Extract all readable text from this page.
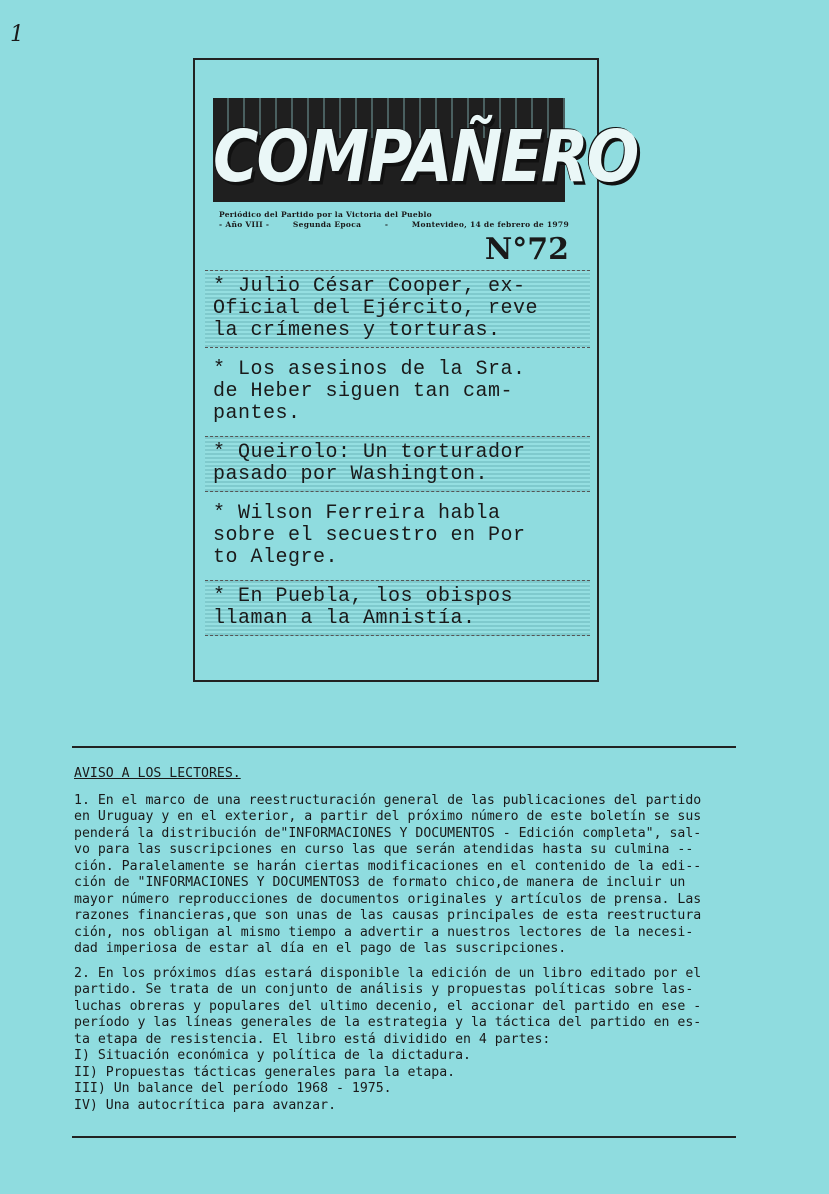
1
COMPAÑERO
Periódico del Partido por la Victoria del Pueblo
- Año VIII -	Segunda Epoca	-	Montevideo, 14 de febrero de 1979
N°72
* Julio César Cooper, ex-
Oficial del Ejército, reve
la crímenes y torturas.
* Los asesinos de la Sra.
de Heber siguen tan cam-
pantes.
* Queirolo: Un torturador
pasado por Washington.
* Wilson Ferreira habla
sobre el secuestro en Por
to Alegre.
* En Puebla, los obispos
llaman a la Amnistía.
AVISO A LOS LECTORES.
1. En el marco de una reestructuración general de las publicaciones del partido
en Uruguay y en el exterior, a partir del próximo número de este boletín se sus
penderá la distribución de"INFORMACIONES Y DOCUMENTOS - Edición completa", sal-
vo para las suscripciones en curso las que serán atendidas hasta su culmina --
ción. Paralelamente se harán ciertas modificaciones en el contenido de la edi--
ción de "INFORMACIONES Y DOCUMENTOS3 de formato chico,de manera de incluir un
mayor número reproducciones de documentos originales y artículos de prensa. Las
razones financieras,que son unas de las causas principales de esta reestructura
ción, nos obligan al mismo tiempo a advertir a nuestros lectores de la necesi-
dad imperiosa de estar al día en el pago de las suscripciones.
2. En los próximos días estará disponible la edición de un libro editado por el
partido. Se trata de un conjunto de análisis y propuestas políticas sobre las-
luchas obreras y populares del ultimo decenio, el accionar del partido en ese -
período y las líneas generales de la estrategia y la táctica del partido en es-
ta etapa de resistencia. El libro está dividido en 4 partes:
I) Situación económica y política de la dictadura.
II) Propuestas tácticas generales para la etapa.
III) Un balance del período 1968 - 1975.
IV) Una autocrítica para avanzar.
